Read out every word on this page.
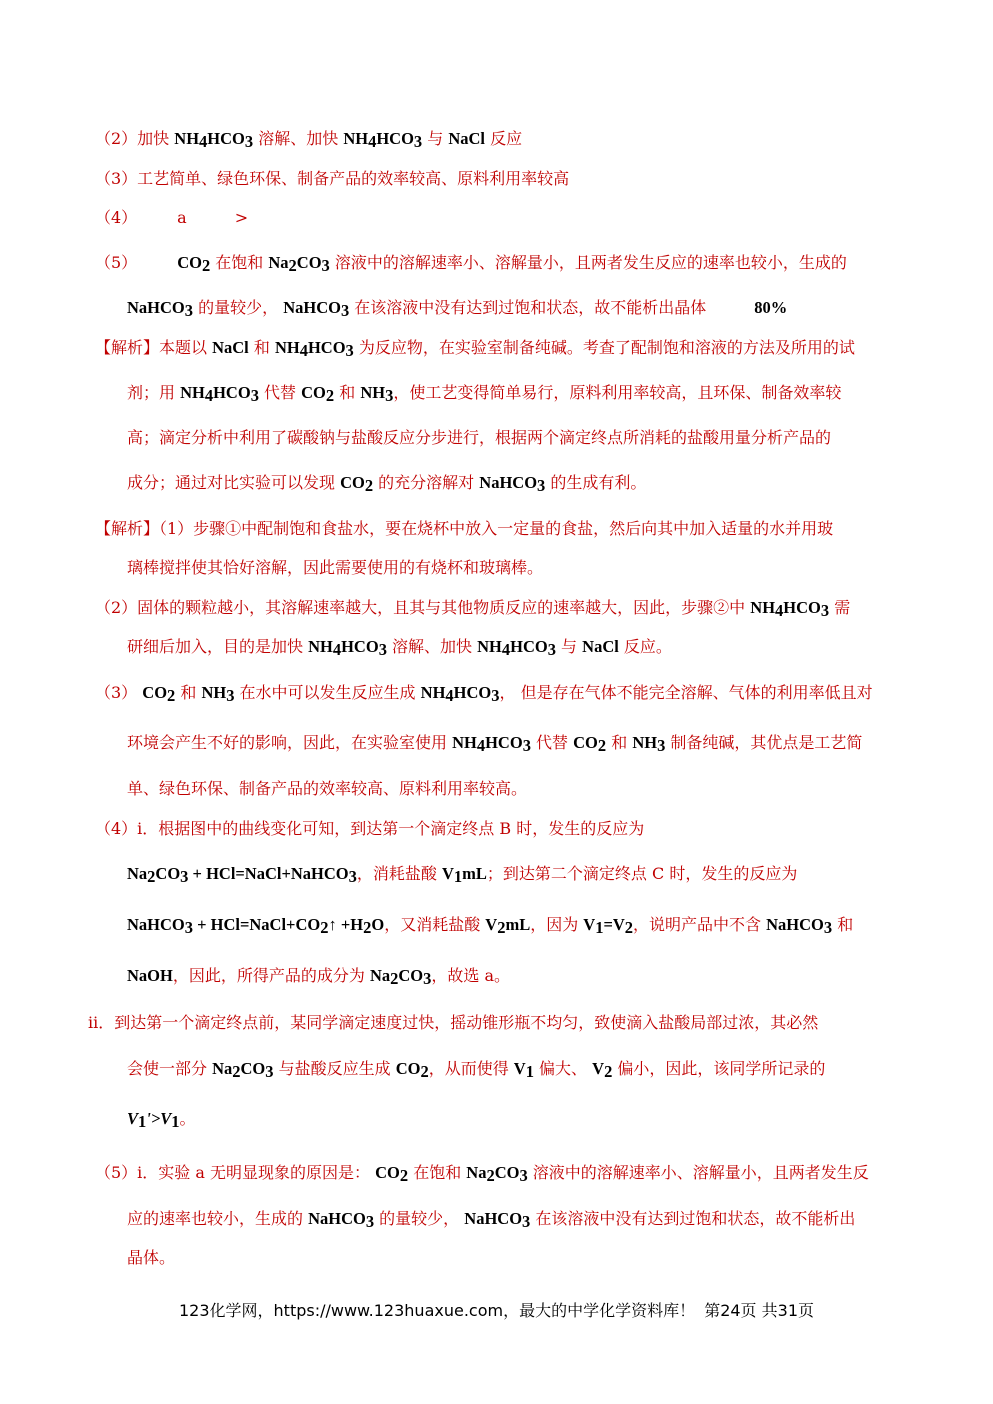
（2）加快 $NH_4HCO_3$ 溶解、加快 $NH_4HCO_3$ 与 NaCl 反应
（3）工艺简单、绿色环保、制备产品的效率较高、原料利用率较高
（4）　　　a　　　>
（5）　　　$CO_2$ 在饱和 $Na_2CO_3$ 溶液中的溶解速率小、溶解量小，且两者发生反应的速率也较小，生成的
NaHCO$_3$ 的量较少， NaHCO$_3$ 在该溶液中没有达到过饱和状态，故不能析出晶体　　　80%
【解析】本题以 NaCl 和 $NH_4HCO_3$ 为反应物，在实验室制备纯碱。考查了配制饱和溶液的方法及所用的试
剂；用 $NH_4HCO_3$ 代替 $CO_2$ 和 $NH_3$，使工艺变得简单易行，原料利用率较高，且环保、制备效率较
高；滴定分析中利用了碳酸钠与盐酸反应分步进行，根据两个滴定终点所消耗的盐酸用量分析产品的
成分；通过对比实验可以发现 $CO_2$ 的充分溶解对 NaHCO$_3$ 的生成有利。
【解析】（1）步骤①中配制饱和食盐水，要在烧杯中放入一定量的食盐，然后向其中加入适量的水并用玻
璃棒搅拌使其恰好溶解，因此需要使用的有烧杯和玻璃棒。
（2）固体的颗粒越小，其溶解速率越大，且其与其他物质反应的速率越大，因此，步骤②中 $NH_4HCO_3$ 需
研细后加入，目的是加快 $NH_4HCO_3$ 溶解、加快 $NH_4HCO_3$ 与 NaCl 反应。
（3） $CO_2$ 和 $NH_3$ 在水中可以发生反应生成 $NH_4HCO_3$， 但是存在气体不能完全溶解、气体的利用率低且对
环境会产生不好的影响，因此，在实验室使用 $NH_4HCO_3$ 代替 $CO_2$ 和 $NH_3$ 制备纯碱，其优点是工艺简
单、绿色环保、制备产品的效率较高、原料利用率较高。
（4）ⅰ．根据图中的曲线变化可知，到达第一个滴定终点 B 时，发生的反应为
$Na_2CO_3$ + HCl=NaCl+NaHCO$_3$，消耗盐酸 $V_1mL$；到达第二个滴定终点 C 时，发生的反应为
NaHCO$_3$ + $HCl=NaCl+CO_2↑ +H_2O$，又消耗盐酸 $V_2mL$，因为 $V_1=V_2$，说明产品中不含 NaHCO$_3$ 和
NaOH，因此，所得产品的成分为 $Na_2CO_3$，故选 a。
ⅱ．到达第一个滴定终点前，某同学滴定速度过快，摇动锥形瓶不均匀，致使滴入盐酸局部过浓，其必然
会使一部分 $Na_2CO_3$ 与盐酸反应生成 $CO_2$，从而使得 $V_1$ 偏大、 $V_2$ 偏小，因此，该同学所记录的
$V_1'>V_1$。
（5）ⅰ．实验 a 无明显现象的原因是： $CO_2$ 在饱和 $Na_2CO_3$ 溶液中的溶解速率小、溶解量小，且两者发生反
应的速率也较小，生成的 NaHCO$_3$ 的量较少， NaHCO$_3$ 在该溶液中没有达到过饱和状态，故不能析出
晶体。
123化学网，https://www.123huaxue.com，最大的中学化学资料库！ 第24页 共31页
